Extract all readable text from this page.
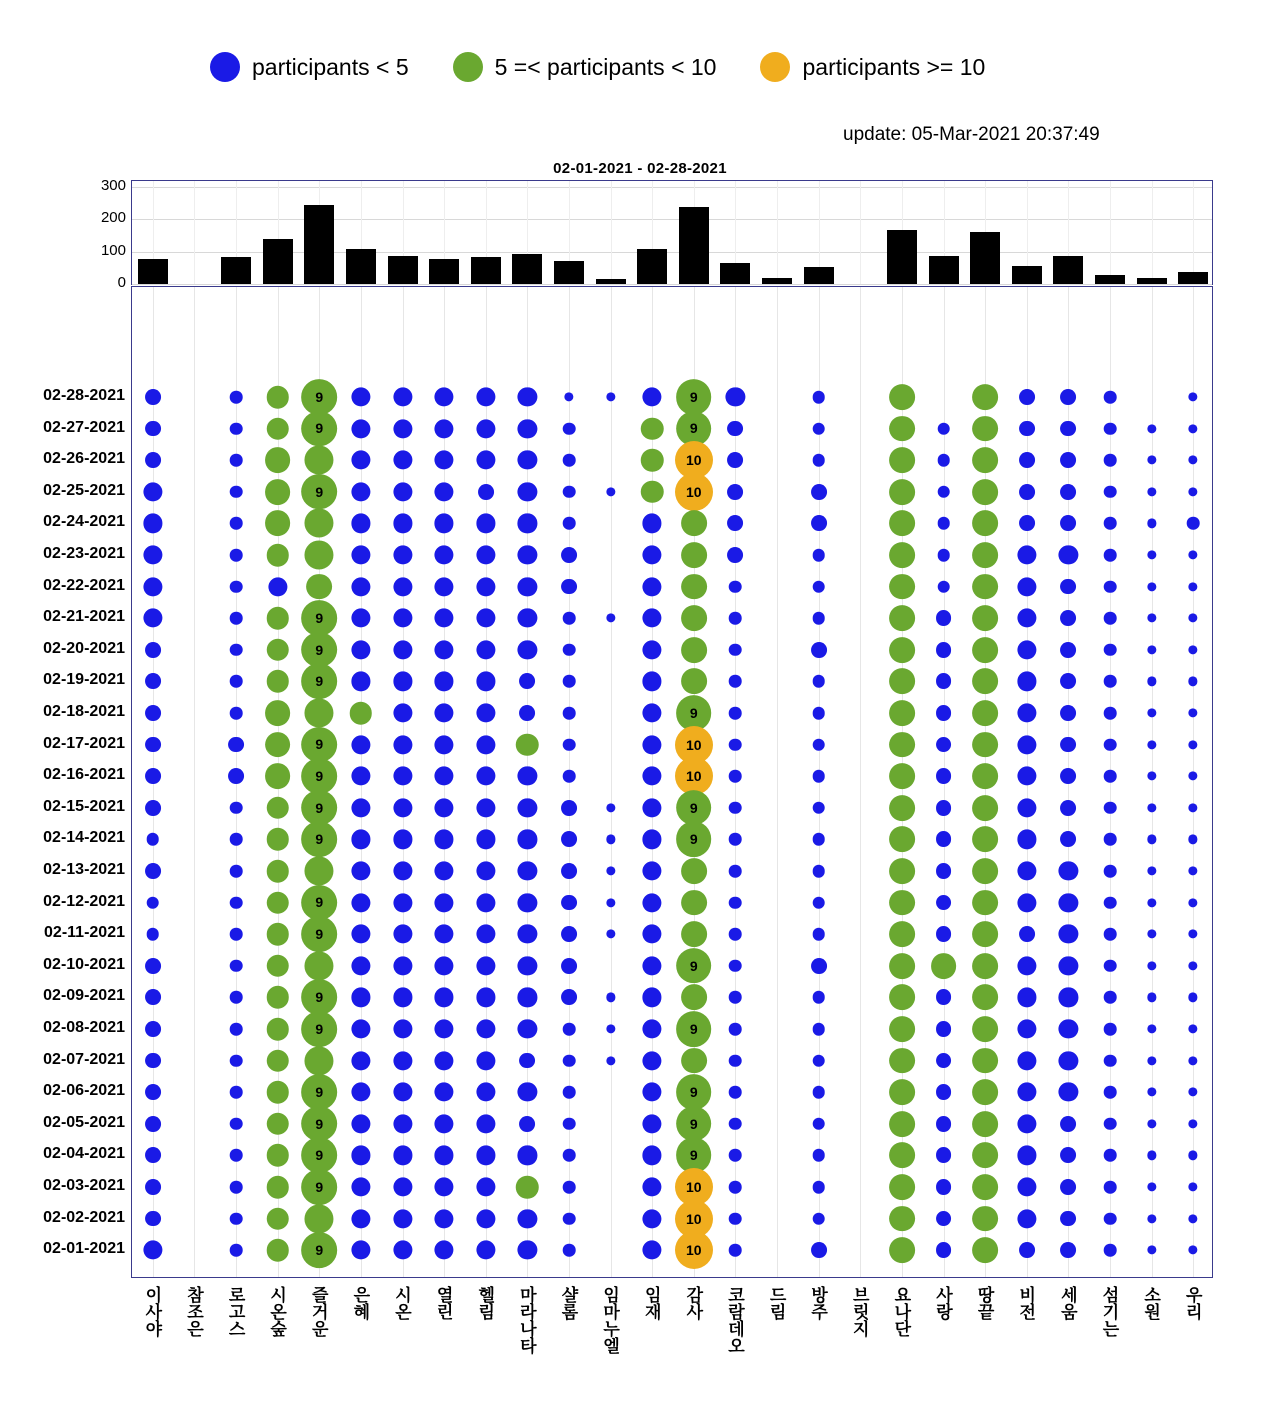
participants < 5	5 =< participants < 10	participants >= 10
update: 05-Mar-2021 20:37:49
02-01-2021 - 02-28-2021
9	9
9	9
10
9	10
9
9
9
9
9	10
9	10
9	9
9	9
9
9
9
9
9	9
9	9
9	9
9	9
9	10
10
9	10
0
100
200
300
02-28-2021
02-27-2021
02-26-2021
02-25-2021
02-24-2021
02-23-2021
02-22-2021
02-21-2021
02-20-2021
02-19-2021
02-18-2021
02-17-2021
02-16-2021
02-15-2021
02-14-2021
02-13-2021
02-12-2021
02-11-2021
02-10-2021
02-09-2021
02-08-2021
02-07-2021
02-06-2021
02-05-2021
02-04-2021
02-03-2021
02-02-2021
02-01-2021
이사야 참조은 로고스 시온숲 즐거운 은혜 시온 열린 헬림 마라나타 샬롬 임마누엘 임재 감사 코람데오 드림 방주 브릿지 요나단 사랑 땅끝 비전 세움 섬기는 소원 우리
